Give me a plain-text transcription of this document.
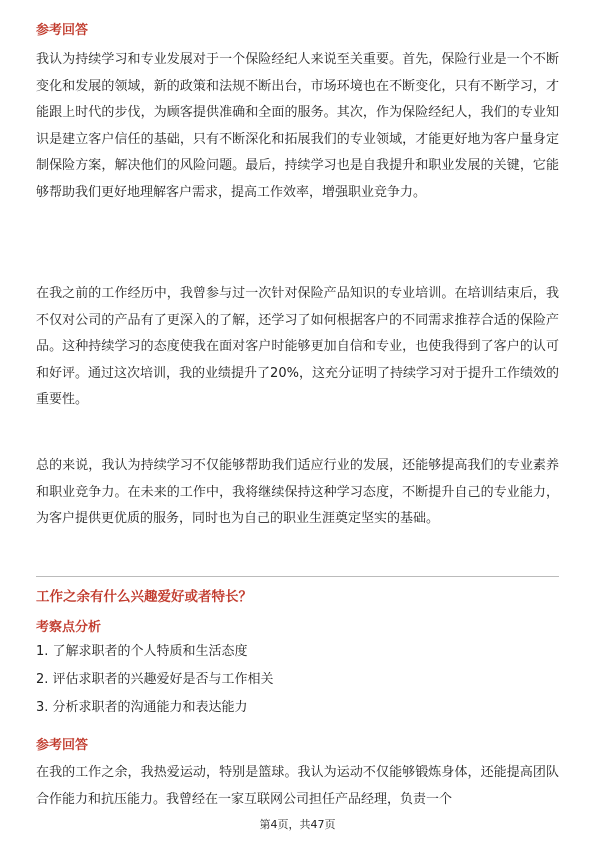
参考回答

我认为持续学习和专业发展对于一个保险经纪人来说至关重要。首先，保险行业是一个不断变化和发展的领域，新的政策和法规不断出台，市场环境也在不断变化，只有不断学习，才能跟上时代的步伐，为顾客提供准确和全面的服务。其次，作为保险经纪人，我们的专业知识是建立客户信任的基础，只有不断深化和拓展我们的专业领域，才能更好地为客户量身定制保险方案，解决他们的风险问题。最后，持续学习也是自我提升和职业发展的关键，它能够帮助我们更好地理解客户需求，提高工作效率，增强职业竞争力。

在我之前的工作经历中，我曾参与过一次针对保险产品知识的专业培训。在培训结束后，我不仅对公司的产品有了更深入的了解，还学习了如何根据客户的不同需求推荐合适的保险产品。这种持续学习的态度使我在面对客户时能够更加自信和专业，也使我得到了客户的认可和好评。通过这次培训，我的业绩提升了20%，这充分证明了持续学习对于提升工作绩效的重要性。

总的来说，我认为持续学习不仅能够帮助我们适应行业的发展，还能够提高我们的专业素养和职业竞争力。在未来的工作中，我将继续保持这种学习态度，不断提升自己的专业能力，为客户提供更优质的服务，同时也为自己的职业生涯奠定坚实的基础。

工作之余有什么兴趣爱好或者特长？
考察点分析
1. 了解求职者的个人特质和生活态度
2. 评估求职者的兴趣爱好是否与工作相关
3. 分析求职者的沟通能力和表达能力
参考回答

在我的工作之余，我热爱运动，特别是篮球。我认为运动不仅能够锻炼身体，还能提高团队合作能力和抗压能力。我曾经在一家互联网公司担任产品经理，负责一个

第4页，共47页
